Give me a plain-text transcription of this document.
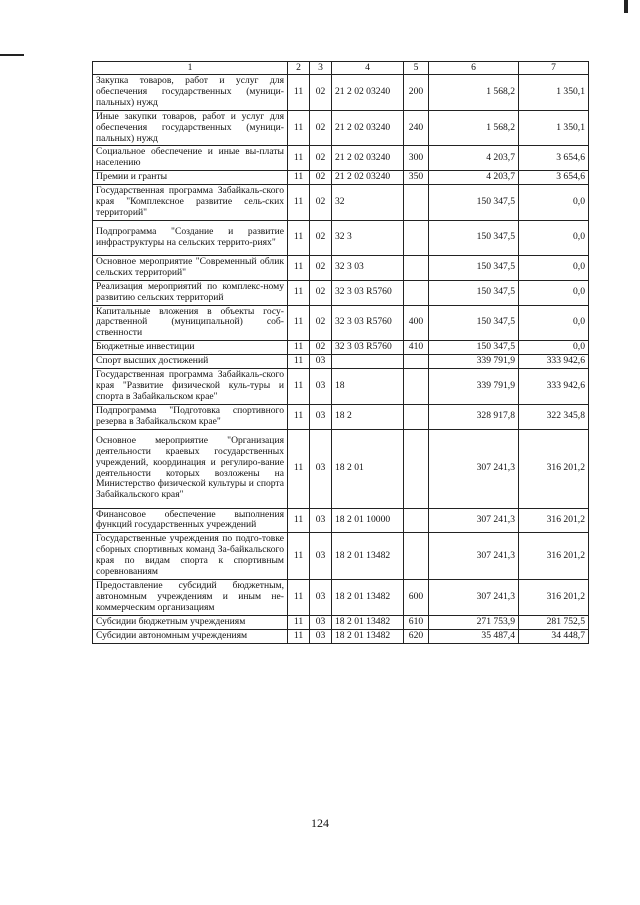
1	2	3	4	5	6	7
Закупка товаров, работ и услуг для обеспечения государственных (муници-пальных) нужд	11	02	21 2 02 03240	200	1 568,2	1 350,1
Иные закупки товаров, работ и услуг для обеспечения государственных (муници-пальных) нужд	11	02	21 2 02 03240	240	1 568,2	1 350,1
Социальное обеспечение и иные вы-платы населению	11	02	21 2 02 03240	300	4 203,7	3 654,6
Премии и гранты	11	02	21 2 02 03240	350	4 203,7	3 654,6
Государственная программа Забайкаль-ского края "Комплексное развитие сель-ских территорий"	11	02	32		150 347,5	0,0
Подпрограмма "Создание и развитие инфраструктуры на сельских террито-риях"	11	02	32 3		150 347,5	0,0
Основное мероприятие "Современный облик сельских территорий"	11	02	32 3 03		150 347,5	0,0
Реализация мероприятий по комплекс-ному развитию сельских территорий	11	02	32 3 03 R5760		150 347,5	0,0
Капитальные вложения в объекты госу-дарственной (муниципальной) соб-ственности	11	02	32 3 03 R5760	400	150 347,5	0,0
Бюджетные инвестиции	11	02	32 3 03 R5760	410	150 347,5	0,0
Спорт высших достижений	11	03			339 791,9	333 942,6
Государственная программа Забайкаль-ского края "Развитие физической куль-туры и спорта в Забайкальском крае"	11	03	18		339 791,9	333 942,6
Подпрограмма "Подготовка спортивного резерва в Забайкальском крае"	11	03	18 2		328 917,8	322 345,8
Основное мероприятие "Организация деятельности краевых государственных учреждений, координация и регулиро-вание деятельности которых возложены на Министерство физической культуры и спорта Забайкальского края"	11	03	18 2 01		307 241,3	316 201,2
Финансовое обеспечение выполнения функций государственных учреждений	11	03	18 2 01 10000		307 241,3	316 201,2
Государственные учреждения по подго-товке сборных спортивных команд За-байкальского края по видам спорта к спортивным соревнованиям	11	03	18 2 01 13482		307 241,3	316 201,2
Предоставление субсидий бюджетным, автономным учреждениям и иным не-коммерческим организациям	11	03	18 2 01 13482	600	307 241,3	316 201,2
Субсидии бюджетным учреждениям	11	03	18 2 01 13482	610	271 753,9	281 752,5
Субсидии автономным учреждениям	11	03	18 2 01 13482	620	35 487,4	34 448,7
124
